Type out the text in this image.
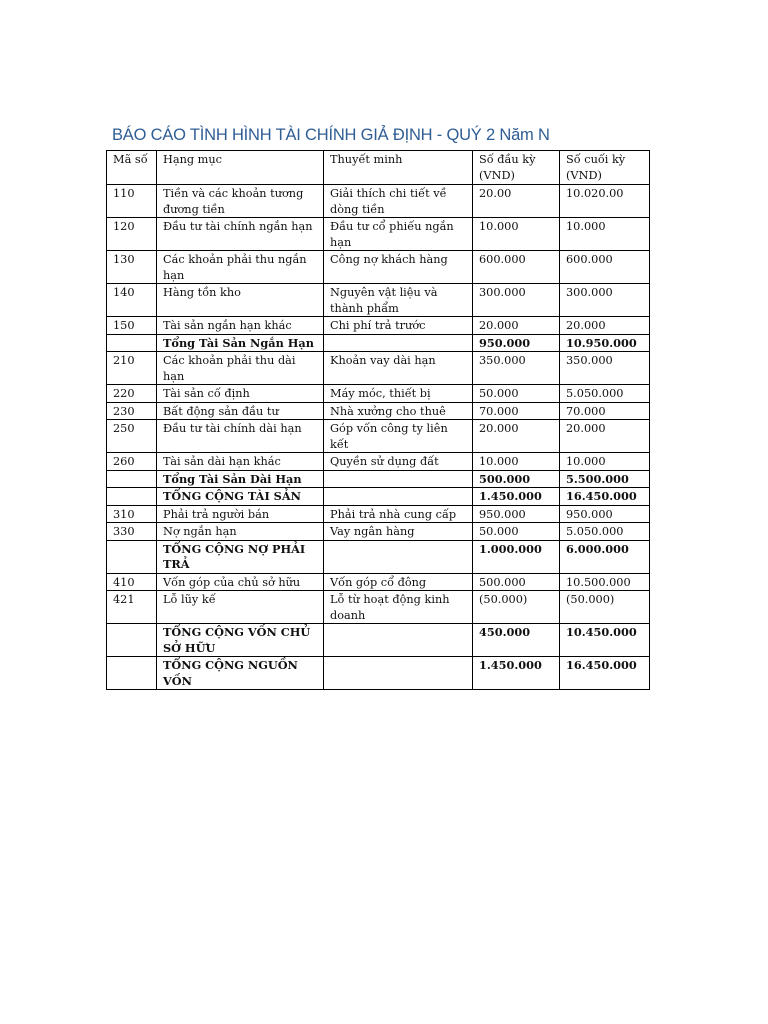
BÁO CÁO TÌNH HÌNH TÀI CHÍNH GIẢ ĐỊNH - QUÝ 2 Năm N
Mã số	Hạng mục	Thuyết minh	Số đầu kỳ (VND)	Số cuối kỳ (VND)
110	Tiền và các khoản tương đương tiền	Giải thích chi tiết về dòng tiền	20.00	10.020.00
120	Đầu tư tài chính ngắn hạn	Đầu tư cổ phiếu ngắn hạn	10.000	10.000
130	Các khoản phải thu ngắn hạn	Công nợ khách hàng	600.000	600.000
140	Hàng tồn kho	Nguyên vật liệu và thành phẩm	300.000	300.000
150	Tài sản ngắn hạn khác	Chi phí trả trước	20.000	20.000
	Tổng Tài Sản Ngắn Hạn		950.000	10.950.000
210	Các khoản phải thu dài hạn	Khoản vay dài hạn	350.000	350.000
220	Tài sản cố định	Máy móc, thiết bị	50.000	5.050.000
230	Bất động sản đầu tư	Nhà xưởng cho thuê	70.000	70.000
250	Đầu tư tài chính dài hạn	Góp vốn công ty liên kết	20.000	20.000
260	Tài sản dài hạn khác	Quyền sử dụng đất	10.000	10.000
	Tổng Tài Sản Dài Hạn		500.000	5.500.000
	TỔNG CỘNG TÀI SẢN		1.450.000	16.450.000
310	Phải trả người bán	Phải trả nhà cung cấp	950.000	950.000
330	Nợ ngắn hạn	Vay ngân hàng	50.000	5.050.000
	TỔNG CỘNG NỢ PHẢI TRẢ		1.000.000	6.000.000
410	Vốn góp của chủ sở hữu	Vốn góp cổ đông	500.000	10.500.000
421	Lỗ lũy kế	Lỗ từ hoạt động kinh doanh	(50.000)	(50.000)
	TỔNG CỘNG VỐN CHỦ SỞ HỮU		450.000	10.450.000
	TỔNG CỘNG NGUỒN VỐN		1.450.000	16.450.000
